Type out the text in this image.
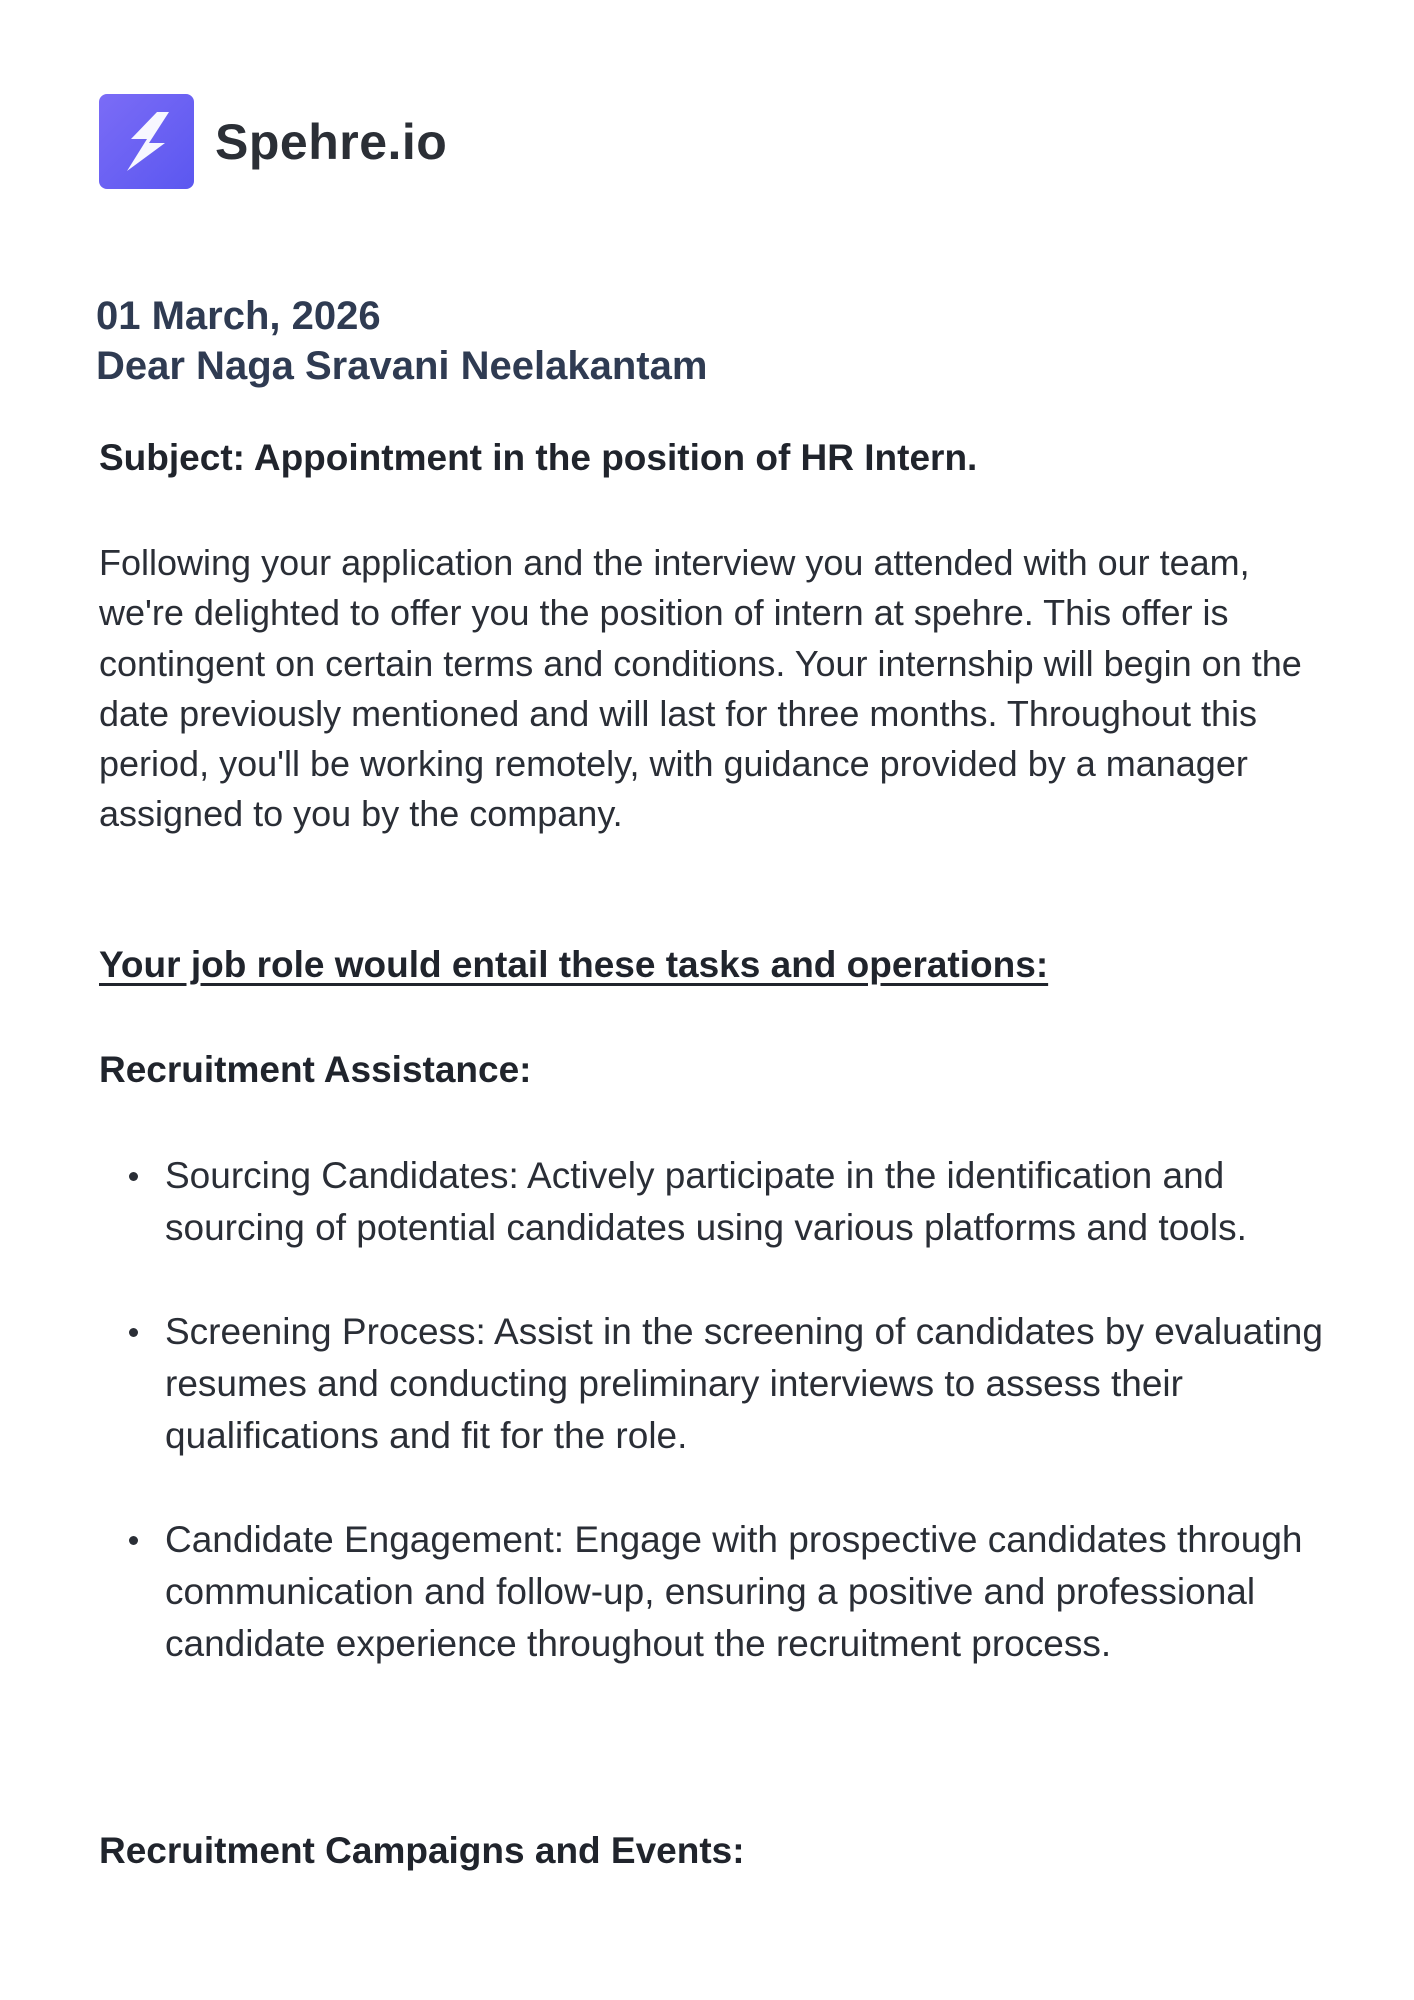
Spehre.io
01 March, 2026
Dear Naga Sravani Neelakantam
Subject: Appointment in the position of HR Intern.

Following your application and the interview you attended with our team, we're delighted to offer you the position of intern at spehre. This offer is contingent on certain terms and conditions. Your internship will begin on the date previously mentioned and will last for three months. Throughout this period, you'll be working remotely, with guidance provided by a manager assigned to you by the company.

Your job role would entail these tasks and operations:
Recruitment Assistance:
Sourcing Candidates: Actively participate in the identification and sourcing of potential candidates using various platforms and tools.
Screening Process: Assist in the screening of candidates by evaluating resumes and conducting preliminary interviews to assess their qualifications and fit for the role.
Candidate Engagement: Engage with prospective candidates through communication and follow-up, ensuring a positive and professional candidate experience throughout the recruitment process.
Recruitment Campaigns and Events:
